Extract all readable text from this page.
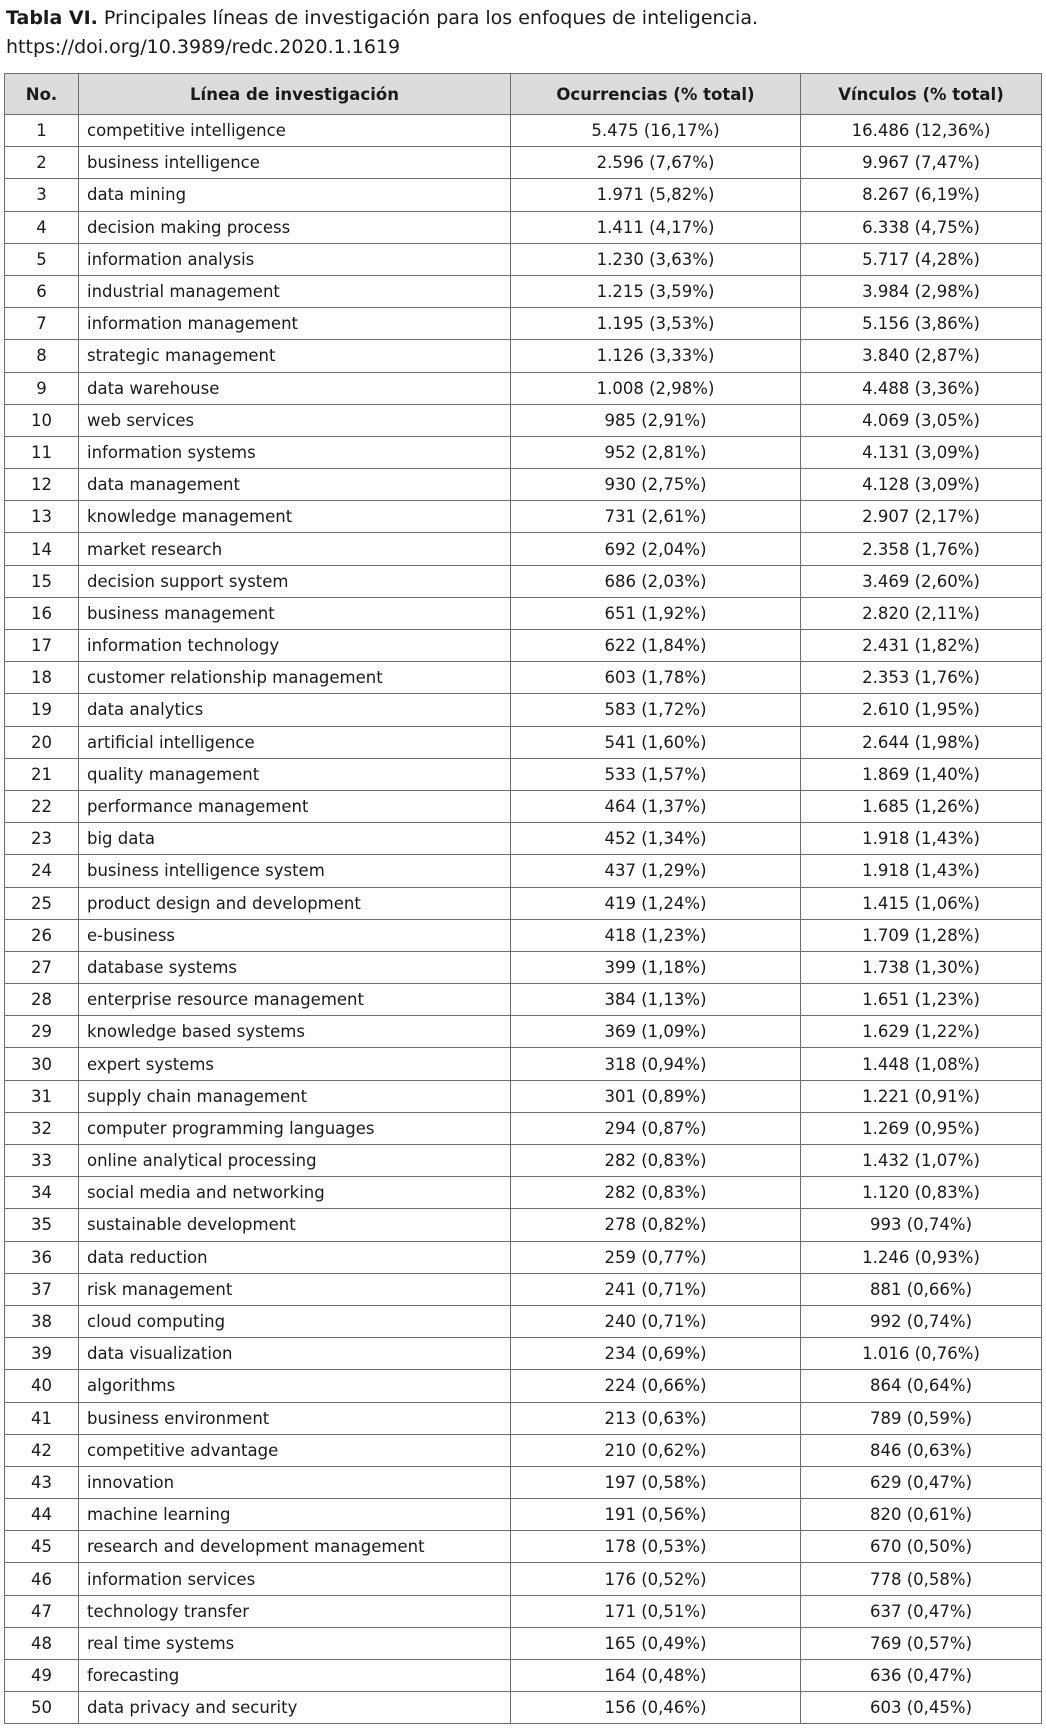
Tabla VI. Principales líneas de investigación para los enfoques de inteligencia.
https://doi.org/10.3989/redc.2020.1.1619
No.	Línea de investigación	Ocurrencias (% total)	Vínculos (% total)
1	competitive intelligence	5.475 (16,17%)	16.486 (12,36%)
2	business intelligence	2.596 (7,67%)	9.967 (7,47%)
3	data mining	1.971 (5,82%)	8.267 (6,19%)
4	decision making process	1.411 (4,17%)	6.338 (4,75%)
5	information analysis	1.230 (3,63%)	5.717 (4,28%)
6	industrial management	1.215 (3,59%)	3.984 (2,98%)
7	information management	1.195 (3,53%)	5.156 (3,86%)
8	strategic management	1.126 (3,33%)	3.840 (2,87%)
9	data warehouse	1.008 (2,98%)	4.488 (3,36%)
10	web services	985 (2,91%)	4.069 (3,05%)
11	information systems	952 (2,81%)	4.131 (3,09%)
12	data management	930 (2,75%)	4.128 (3,09%)
13	knowledge management	731 (2,61%)	2.907 (2,17%)
14	market research	692 (2,04%)	2.358 (1,76%)
15	decision support system	686 (2,03%)	3.469 (2,60%)
16	business management	651 (1,92%)	2.820 (2,11%)
17	information technology	622 (1,84%)	2.431 (1,82%)
18	customer relationship management	603 (1,78%)	2.353 (1,76%)
19	data analytics	583 (1,72%)	2.610 (1,95%)
20	artificial intelligence	541 (1,60%)	2.644 (1,98%)
21	quality management	533 (1,57%)	1.869 (1,40%)
22	performance management	464 (1,37%)	1.685 (1,26%)
23	big data	452 (1,34%)	1.918 (1,43%)
24	business intelligence system	437 (1,29%)	1.918 (1,43%)
25	product design and development	419 (1,24%)	1.415 (1,06%)
26	e-business	418 (1,23%)	1.709 (1,28%)
27	database systems	399 (1,18%)	1.738 (1,30%)
28	enterprise resource management	384 (1,13%)	1.651 (1,23%)
29	knowledge based systems	369 (1,09%)	1.629 (1,22%)
30	expert systems	318 (0,94%)	1.448 (1,08%)
31	supply chain management	301 (0,89%)	1.221 (0,91%)
32	computer programming languages	294 (0,87%)	1.269 (0,95%)
33	online analytical processing	282 (0,83%)	1.432 (1,07%)
34	social media and networking	282 (0,83%)	1.120 (0,83%)
35	sustainable development	278 (0,82%)	993 (0,74%)
36	data reduction	259 (0,77%)	1.246 (0,93%)
37	risk management	241 (0,71%)	881 (0,66%)
38	cloud computing	240 (0,71%)	992 (0,74%)
39	data visualization	234 (0,69%)	1.016 (0,76%)
40	algorithms	224 (0,66%)	864 (0,64%)
41	business environment	213 (0,63%)	789 (0,59%)
42	competitive advantage	210 (0,62%)	846 (0,63%)
43	innovation	197 (0,58%)	629 (0,47%)
44	machine learning	191 (0,56%)	820 (0,61%)
45	research and development management	178 (0,53%)	670 (0,50%)
46	information services	176 (0,52%)	778 (0,58%)
47	technology transfer	171 (0,51%)	637 (0,47%)
48	real time systems	165 (0,49%)	769 (0,57%)
49	forecasting	164 (0,48%)	636 (0,47%)
50	data privacy and security	156 (0,46%)	603 (0,45%)
